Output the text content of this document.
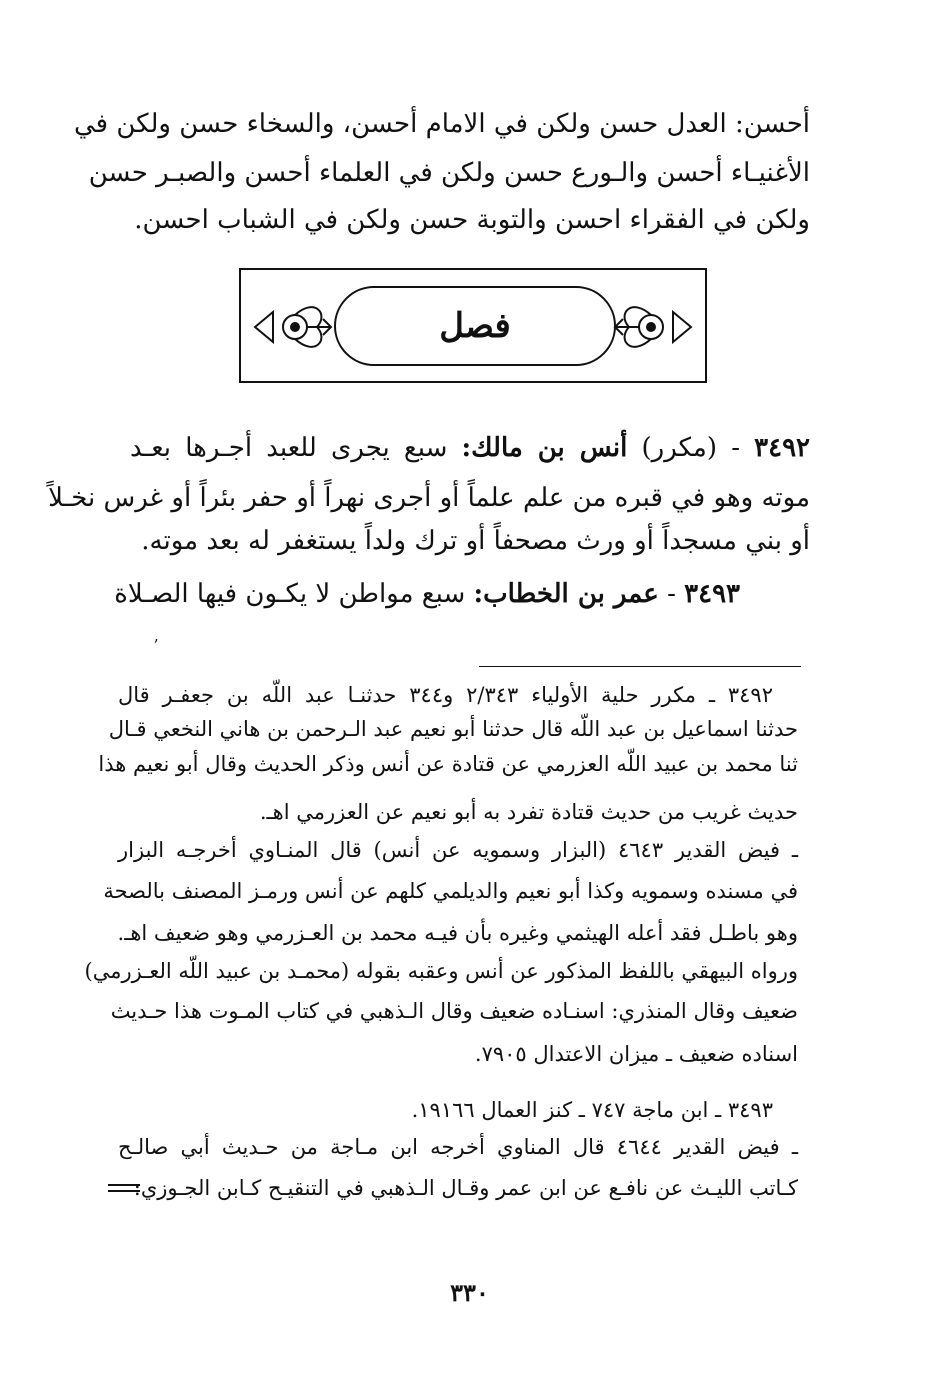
أحسن: العدل حسن ولكن في الامام أحسن، والسخاء حسن ولكن في
الأغنيـاء أحسن والـورع حسن ولكن في العلماء أحسن والصبـر حسن
ولكن في الفقراء احسن والتوبة حسن ولكن في الشباب احسن.
فصل
٣٤٩٢ - (مكرر) أنس بن مالك: سبع يجرى للعبد أجـرها بعـد
موته وهو في قبره من علم علماً أو أجرى نهراً أو حفر بئراً أو غرس نخـلاً
أو بني مسجداً أو ورث مصحفاً أو ترك ولداً يستغفر له بعد موته.
٣٤٩٣ - عمر بن الخطاب: سبع مواطن لا يكـون فيها الصـلاة
ʼ
٣٤٩٢ ـ مكرر حلية الأولياء ٢/٣٤٣ و٣٤٤ حدثنـا عبد اللّه بن جعفـر قال
حدثنا اسماعيل بن عبد اللّه قال حدثنا أبو نعيم عبد الـرحمن بن هاني النخعي قـال
ثنا محمد بن عبيد اللّه العزرمي عن قتادة عن أنس وذكر الحديث وقال أبو نعيم هذا
حديث غريب من حديث قتادة تفرد به أبو نعيم عن العزرمي اهـ.
ـ فيض القدير ٤٦٤٣ (البزار وسمويه عن أنس) قال المنـاوي أخرجـه البزار
في مسنده وسمويه وكذا أبو نعيم والديلمي كلهم عن أنس ورمـز المصنف بالصحة
وهو باطـل فقد أعله الهيثمي وغيره بأن فيـه محمد بن العـزرمي وهو ضعيف اهـ.
ورواه البيهقي باللفظ المذكور عن أنس وعقبه بقوله (محمـد بن عبيد اللّه العـزرمي)
ضعيف وقال المنذري: اسنـاده ضعيف وقال الـذهبي في كتاب المـوت هذا حـديث
اسناده ضعيف ـ ميزان الاعتدال ٧٩٠٥.
٣٤٩٣ ـ ابن ماجة ٧٤٧ ـ كنز العمال ١٩١٦٦.
ـ فيض القدير ٤٦٤٤ قال المناوي أخرجه ابن مـاجة من حـديث أبي صالـح
كـاتب الليـث عن نافـع عن ابن عمر وقـال الـذهبي في التنقيـح كـابن الجـوزي:
٣٣٠
